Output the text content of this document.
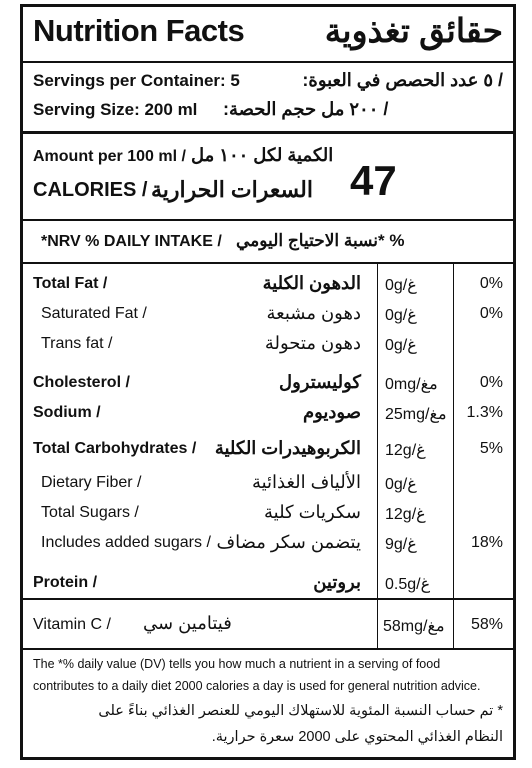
Nutrition Facts حقائق تغذوية
Servings per Container: 5	/ ٥ عدد الحصص في العبوة:
Serving Size: 200 ml / ٢٠٠ مل حجم الحصة:
Amount per 100 ml / الكمية لكل ١٠٠ مل
CALORIES / السعرات الحرارية 47
*NRV % DAILY INTAKE / % *نسبة الاحتياج اليومي
Total Fat /	الدهون الكلية 0g/غ	0%
Saturated Fat /	دهون مشبعة 0g/غ	0%
Trans fat /	دهون متحولة 0g/غ
Cholesterol /	كوليسترول 0mg/مغ	0%
Sodium /	صوديوم 25mg/مغ 1.3%
Total Carbohydrates / الكربوهيدرات الكلية 12g/غ	5%
Dietary Fiber /	الألياف الغذائية 0g/غ
Total Sugars /	سكريات كلية 12g/غ
Includes added sugars / يتضمن سكر مضاف 9g/غ	18%
Protein /	بروتين 0.5g/غ
Vitamin C / فيتامين سي	58mg/مغ 58%
The *% daily value (DV) tells you how much a nutrient in a serving of food
contributes to a daily diet 2000 calories a day is used for general nutrition advice.
* تم حساب النسبة المئوية للاستهلاك اليومي للعنصر الغذائي بناءً على
النظام الغذائي المحتوي على 2000 سعرة حرارية.
